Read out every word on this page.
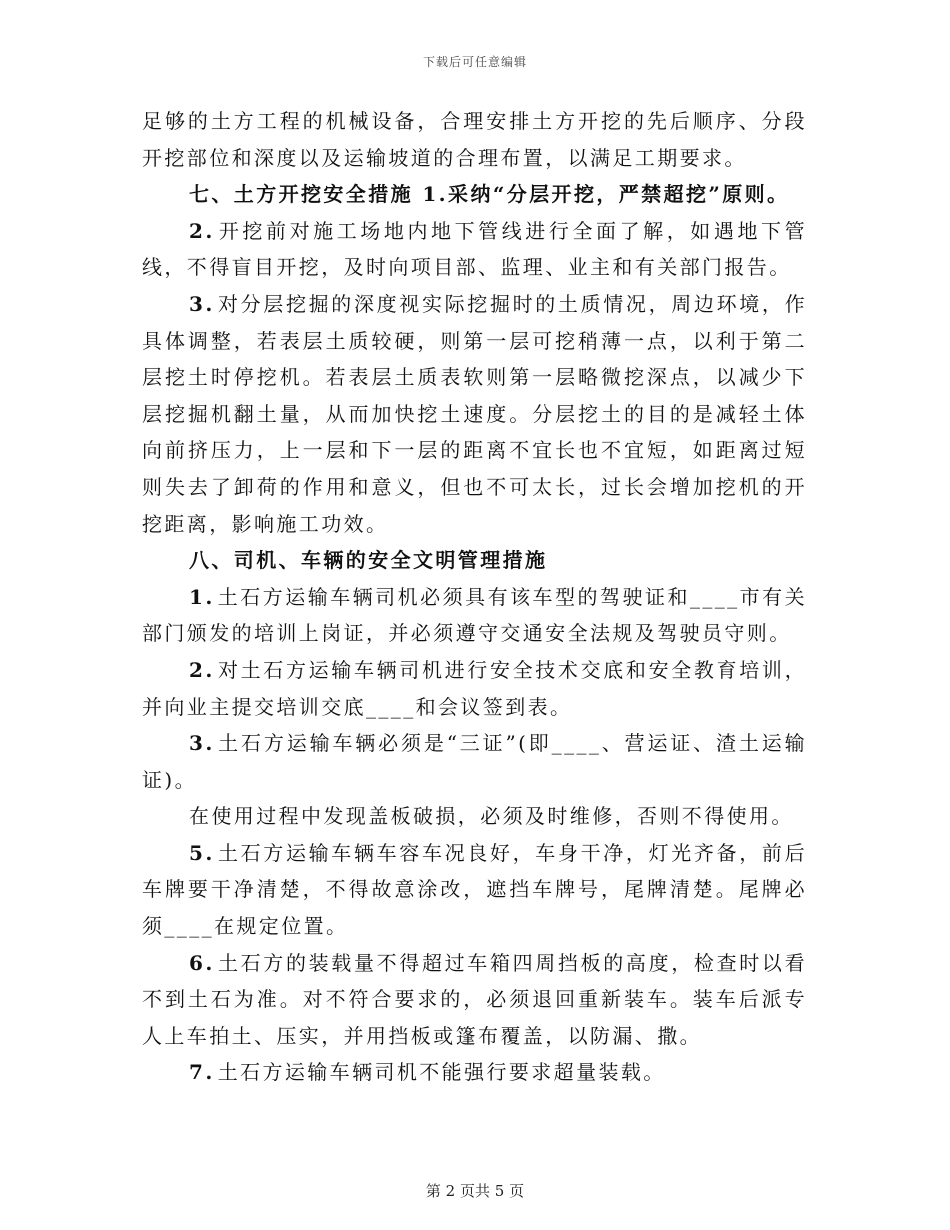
下载后可任意编辑

足够的土方工程的机械设备，合理安排土方开挖的先后顺序、分段开挖部位和深度以及运输坡道的合理布置，以满足工期要求。

七、土方开挖安全措施 1.采纳“分层开挖，严禁超挖”原则。

2. 开挖前对施工场地内地下管线进行全面了解，如遇地下管线，不得盲目开挖，及时向项目部、监理、业主和有关部门报告。

3. 对分层挖掘的深度视实际挖掘时的土质情况，周边环境，作具体调整，若表层土质较硬，则第一层可挖稍薄一点，以利于第二层挖土时停挖机。若表层土质表软则第一层略微挖深点，以减少下层挖掘机翻土量，从而加快挖土速度。分层挖土的目的是减轻土体向前挤压力，上一层和下一层的距离不宜长也不宜短，如距离过短则失去了卸荷的作用和意义，但也不可太长，过长会增加挖机的开挖距离，影响施工功效。

八、司机、车辆的安全文明管理措施

1. 土石方运输车辆司机必须具有该车型的驾驶证和____市有关部门颁发的培训上岗证，并必须遵守交通安全法规及驾驶员守则。

2. 对土石方运输车辆司机进行安全技术交底和安全教育培训，并向业主提交培训交底____和会议签到表。

3. 土石方运输车辆必须是“三证”(即____、营运证、渣土运输证)。

在使用过程中发现盖板破损，必须及时维修，否则不得使用。

5. 土石方运输车辆车容车况良好，车身干净，灯光齐备，前后车牌要干净清楚，不得故意涂改，遮挡车牌号，尾牌清楚。尾牌必须____在规定位置。

6. 土石方的装载量不得超过车箱四周挡板的高度，检查时以看不到土石为准。对不符合要求的，必须退回重新装车。装车后派专人上车拍土、压实，并用挡板或篷布覆盖，以防漏、撒。

7. 土石方运输车辆司机不能强行要求超量装载。

第 2 页共 5 页
